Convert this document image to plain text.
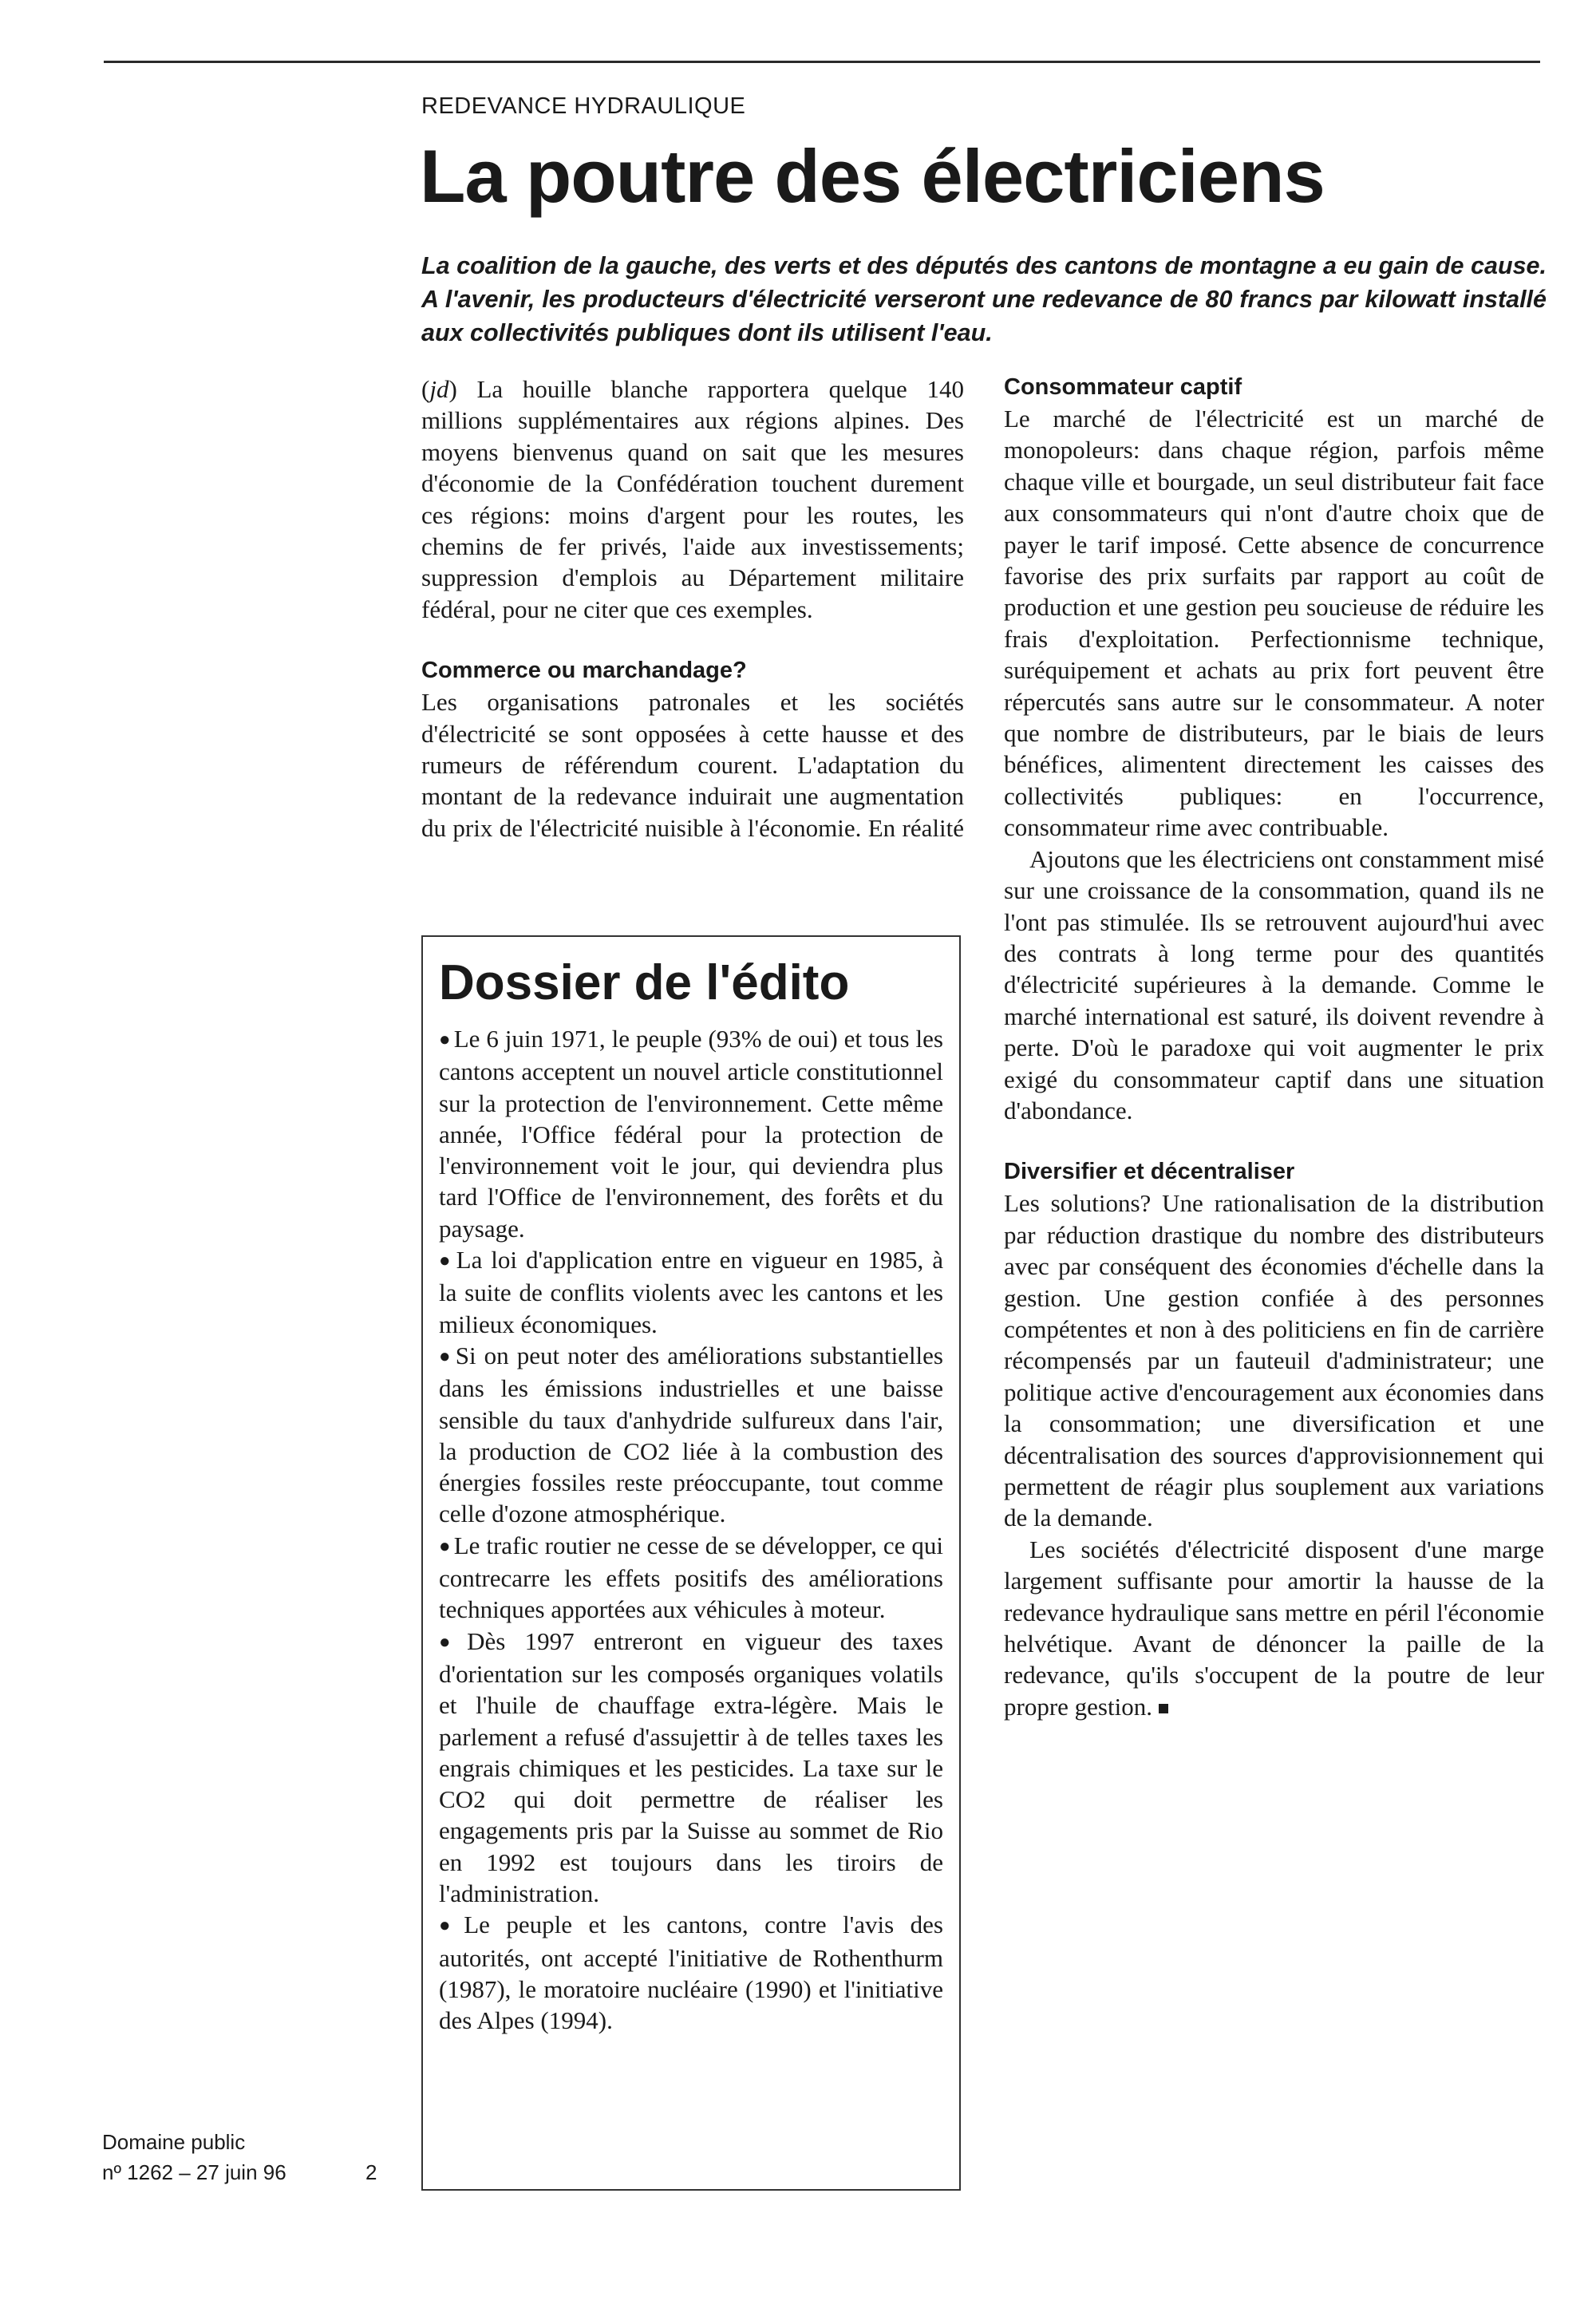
REDEVANCE HYDRAULIQUE
La poutre des électriciens

La coalition de la gauche, des verts et des députés des cantons de montagne a eu gain de cause. A l'avenir, les producteurs d'électricité verseront une redevance de 80 francs par kilowatt installé aux collectivités publiques dont ils utilisent l'eau.

(jd) La houille blanche rapportera quelque 140 millions supplémentaires aux régions alpines. Des moyens bienvenus quand on sait que les mesures d'économie de la Confédération touchent durement ces régions: moins d'argent pour les routes, les chemins de fer privés, l'aide aux investissements; suppression d'emplois au Département militaire fédéral, pour ne citer que ces exemples.

Commerce ou marchandage?

Les organisations patronales et les sociétés d'électricité se sont opposées à cette hausse et des rumeurs de référendum courent. L'adaptation du montant de la redevance induirait une augmentation du prix de l'électricité nuisible à l'économie. En réalité

Dossier de l'édito

● Le 6 juin 1971, le peuple (93% de oui) et tous les cantons acceptent un nouvel article constitutionnel sur la protection de l'environnement. Cette même année, l'Office fédéral pour la protection de l'environnement voit le jour, qui deviendra plus tard l'Office de l'environnement, des forêts et du paysage.

● La loi d'application entre en vigueur en 1985, à la suite de conflits violents avec les cantons et les milieux économiques.

● Si on peut noter des améliorations substantielles dans les émissions industrielles et une baisse sensible du taux d'anhydride sulfureux dans l'air, la production de CO2 liée à la combustion des énergies fossiles reste préoccupante, tout comme celle d'ozone atmosphérique.

● Le trafic routier ne cesse de se développer, ce qui contrecarre les effets positifs des améliorations techniques apportées aux véhicules à moteur.

● Dès 1997 entreront en vigueur des taxes d'orientation sur les composés organiques volatils et l'huile de chauffage extra-légère. Mais le parlement a refusé d'assujettir à de telles taxes les engrais chimiques et les pesticides. La taxe sur le CO2 qui doit permettre de réaliser les engagements pris par la Suisse au sommet de Rio en 1992 est toujours dans les tiroirs de l'administration.

● Le peuple et les cantons, contre l'avis des autorités, ont accepté l'initiative de Rothenthurm (1987), le moratoire nucléaire (1990) et l'initiative des Alpes (1994).

Consommateur captif

Le marché de l'électricité est un marché de monopoleurs: dans chaque région, parfois même chaque ville et bourgade, un seul distributeur fait face aux consommateurs qui n'ont d'autre choix que de payer le tarif imposé. Cette absence de concurrence favorise des prix surfaits par rapport au coût de production et une gestion peu soucieuse de réduire les frais d'exploitation. Perfectionnisme technique, suréquipement et achats au prix fort peuvent être répercutés sans autre sur le consommateur. A noter que nombre de distributeurs, par le biais de leurs bénéfices, alimentent directement les caisses des collectivités publiques: en l'occurrence, consommateur rime avec contribuable.

Ajoutons que les électriciens ont constamment misé sur une croissance de la consommation, quand ils ne l'ont pas stimulée. Ils se retrouvent aujourd'hui avec des contrats à long terme pour des quantités d'électricité supérieures à la demande. Comme le marché international est saturé, ils doivent revendre à perte. D'où le paradoxe qui voit augmenter le prix exigé du consommateur captif dans une situation d'abondance.

Diversifier et décentraliser

Les solutions? Une rationalisation de la distribution par réduction drastique du nombre des distributeurs avec par conséquent des économies d'échelle dans la gestion. Une gestion confiée à des personnes compétentes et non à des politiciens en fin de carrière récompensés par un fauteuil d'administrateur; une politique active d'encouragement aux économies dans la consommation; une diversification et une décentralisation des sources d'approvisionnement qui permettent de réagir plus souplement aux variations de la demande.

Les sociétés d'électricité disposent d'une marge largement suffisante pour amortir la hausse de la redevance hydraulique sans mettre en péril l'économie helvétique. Avant de dénoncer la paille de la redevance, qu'ils s'occupent de la poutre de leur propre gestion.

Domaine public
nº 1262 – 27 juin 96	2
